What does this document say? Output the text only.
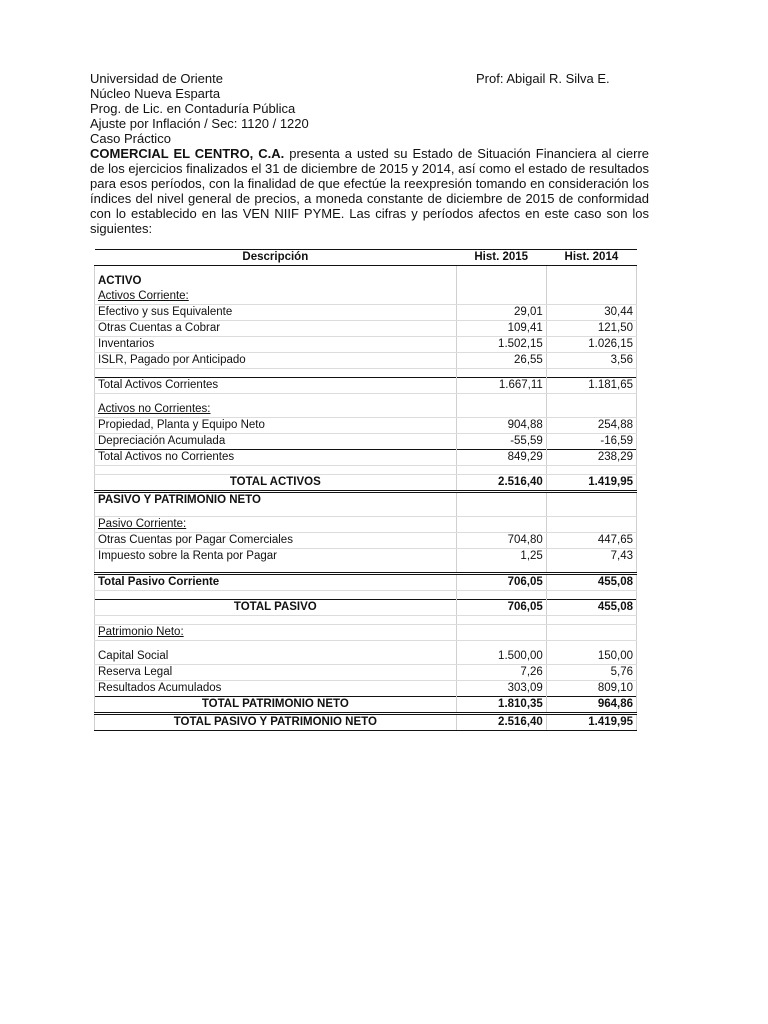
Universidad de Oriente	Prof: Abigail R. Silva E.
Núcleo Nueva Esparta
Prog. de Lic. en Contaduría Pública
Ajuste por Inflación / Sec: 1120 / 1220
Caso Práctico

COMERCIAL EL CENTRO, C.A. presenta a usted su Estado de Situación Financiera al cierre de los ejercicios finalizados el 31 de diciembre de 2015 y 2014, así como el estado de resultados para esos períodos, con la finalidad de que efectúe la reexpresión tomando en consideración los índices del nivel general de precios, a moneda constante de diciembre de 2015 de conformidad con lo establecido en las VEN NIIF PYME. Las cifras y períodos afectos en este caso son los siguientes:

Descripción	Hist. 2015	Hist. 2014

ACTIVO		
Activos Corriente:		
Efectivo y sus Equivalente	29,01	30,44
Otras Cuentas a Cobrar	109,41	121,50
Inventarios	1.502,15	1.026,15
ISLR, Pagado por Anticipado	26,55	3,56

Total Activos Corrientes	1.667,11	1.181,65

Activos no Corrientes:		
Propiedad, Planta y Equipo Neto	904,88	254,88
Depreciación Acumulada	-55,59	-16,59
Total Activos no Corrientes	849,29	238,29

TOTAL ACTIVOS	2.516,40	1.419,95
PASIVO Y PATRIMONIO NETO		

Pasivo Corriente:		
Otras Cuentas por Pagar Comerciales	704,80	447,65
Impuesto sobre la Renta por Pagar	1,25	7,43

Total Pasivo Corriente	706,05	455,08

TOTAL PASIVO	706,05	455,08

Patrimonio Neto:		

Capital Social	1.500,00	150,00
Reserva Legal	7,26	5,76
Resultados Acumulados	303,09	809,10
TOTAL PATRIMONIO NETO	1.810,35	964,86
TOTAL PASIVO Y PATRIMONIO NETO	2.516,40	1.419,95
